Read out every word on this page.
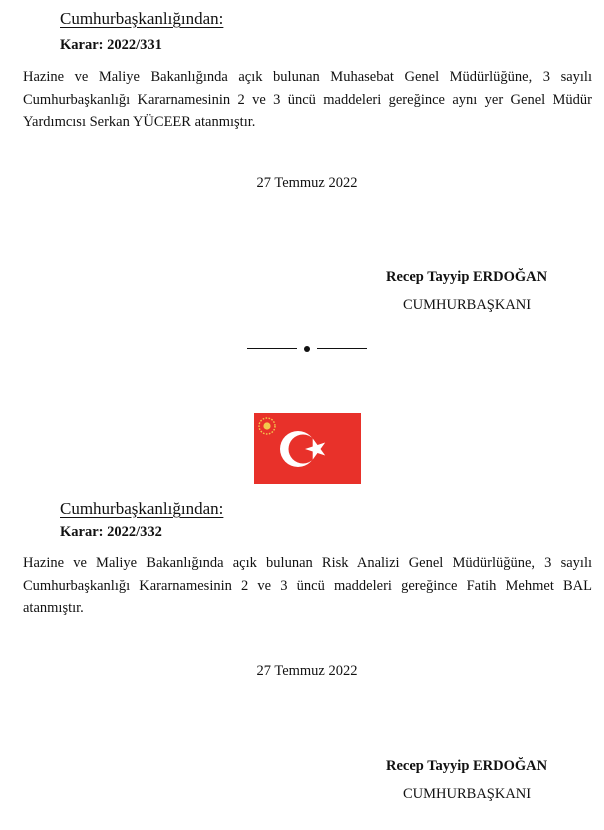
Cumhurbaşkanlığından:
Karar: 2022/331
Hazine ve Maliye Bakanlığında açık bulunan Muhasebat Genel Müdürlüğüne, 3 sayılı Cumhurbaşkanlığı Kararnamesinin 2 ve 3 üncü maddeleri gereğince aynı yer Genel Müdür Yardımcısı Serkan YÜCEER atanmıştır.
27 Temmuz 2022
Recep Tayyip ERDOĞAN
CUMHURBAŞKANI
Cumhurbaşkanlığından:
Karar: 2022/332
Hazine ve Maliye Bakanlığında açık bulunan Risk Analizi Genel Müdürlüğüne, 3 sayılı Cumhurbaşkanlığı Kararnamesinin 2 ve 3 üncü maddeleri gereğince Fatih Mehmet BAL atanmıştır.
27 Temmuz 2022
Recep Tayyip ERDOĞAN
CUMHURBAŞKANI
